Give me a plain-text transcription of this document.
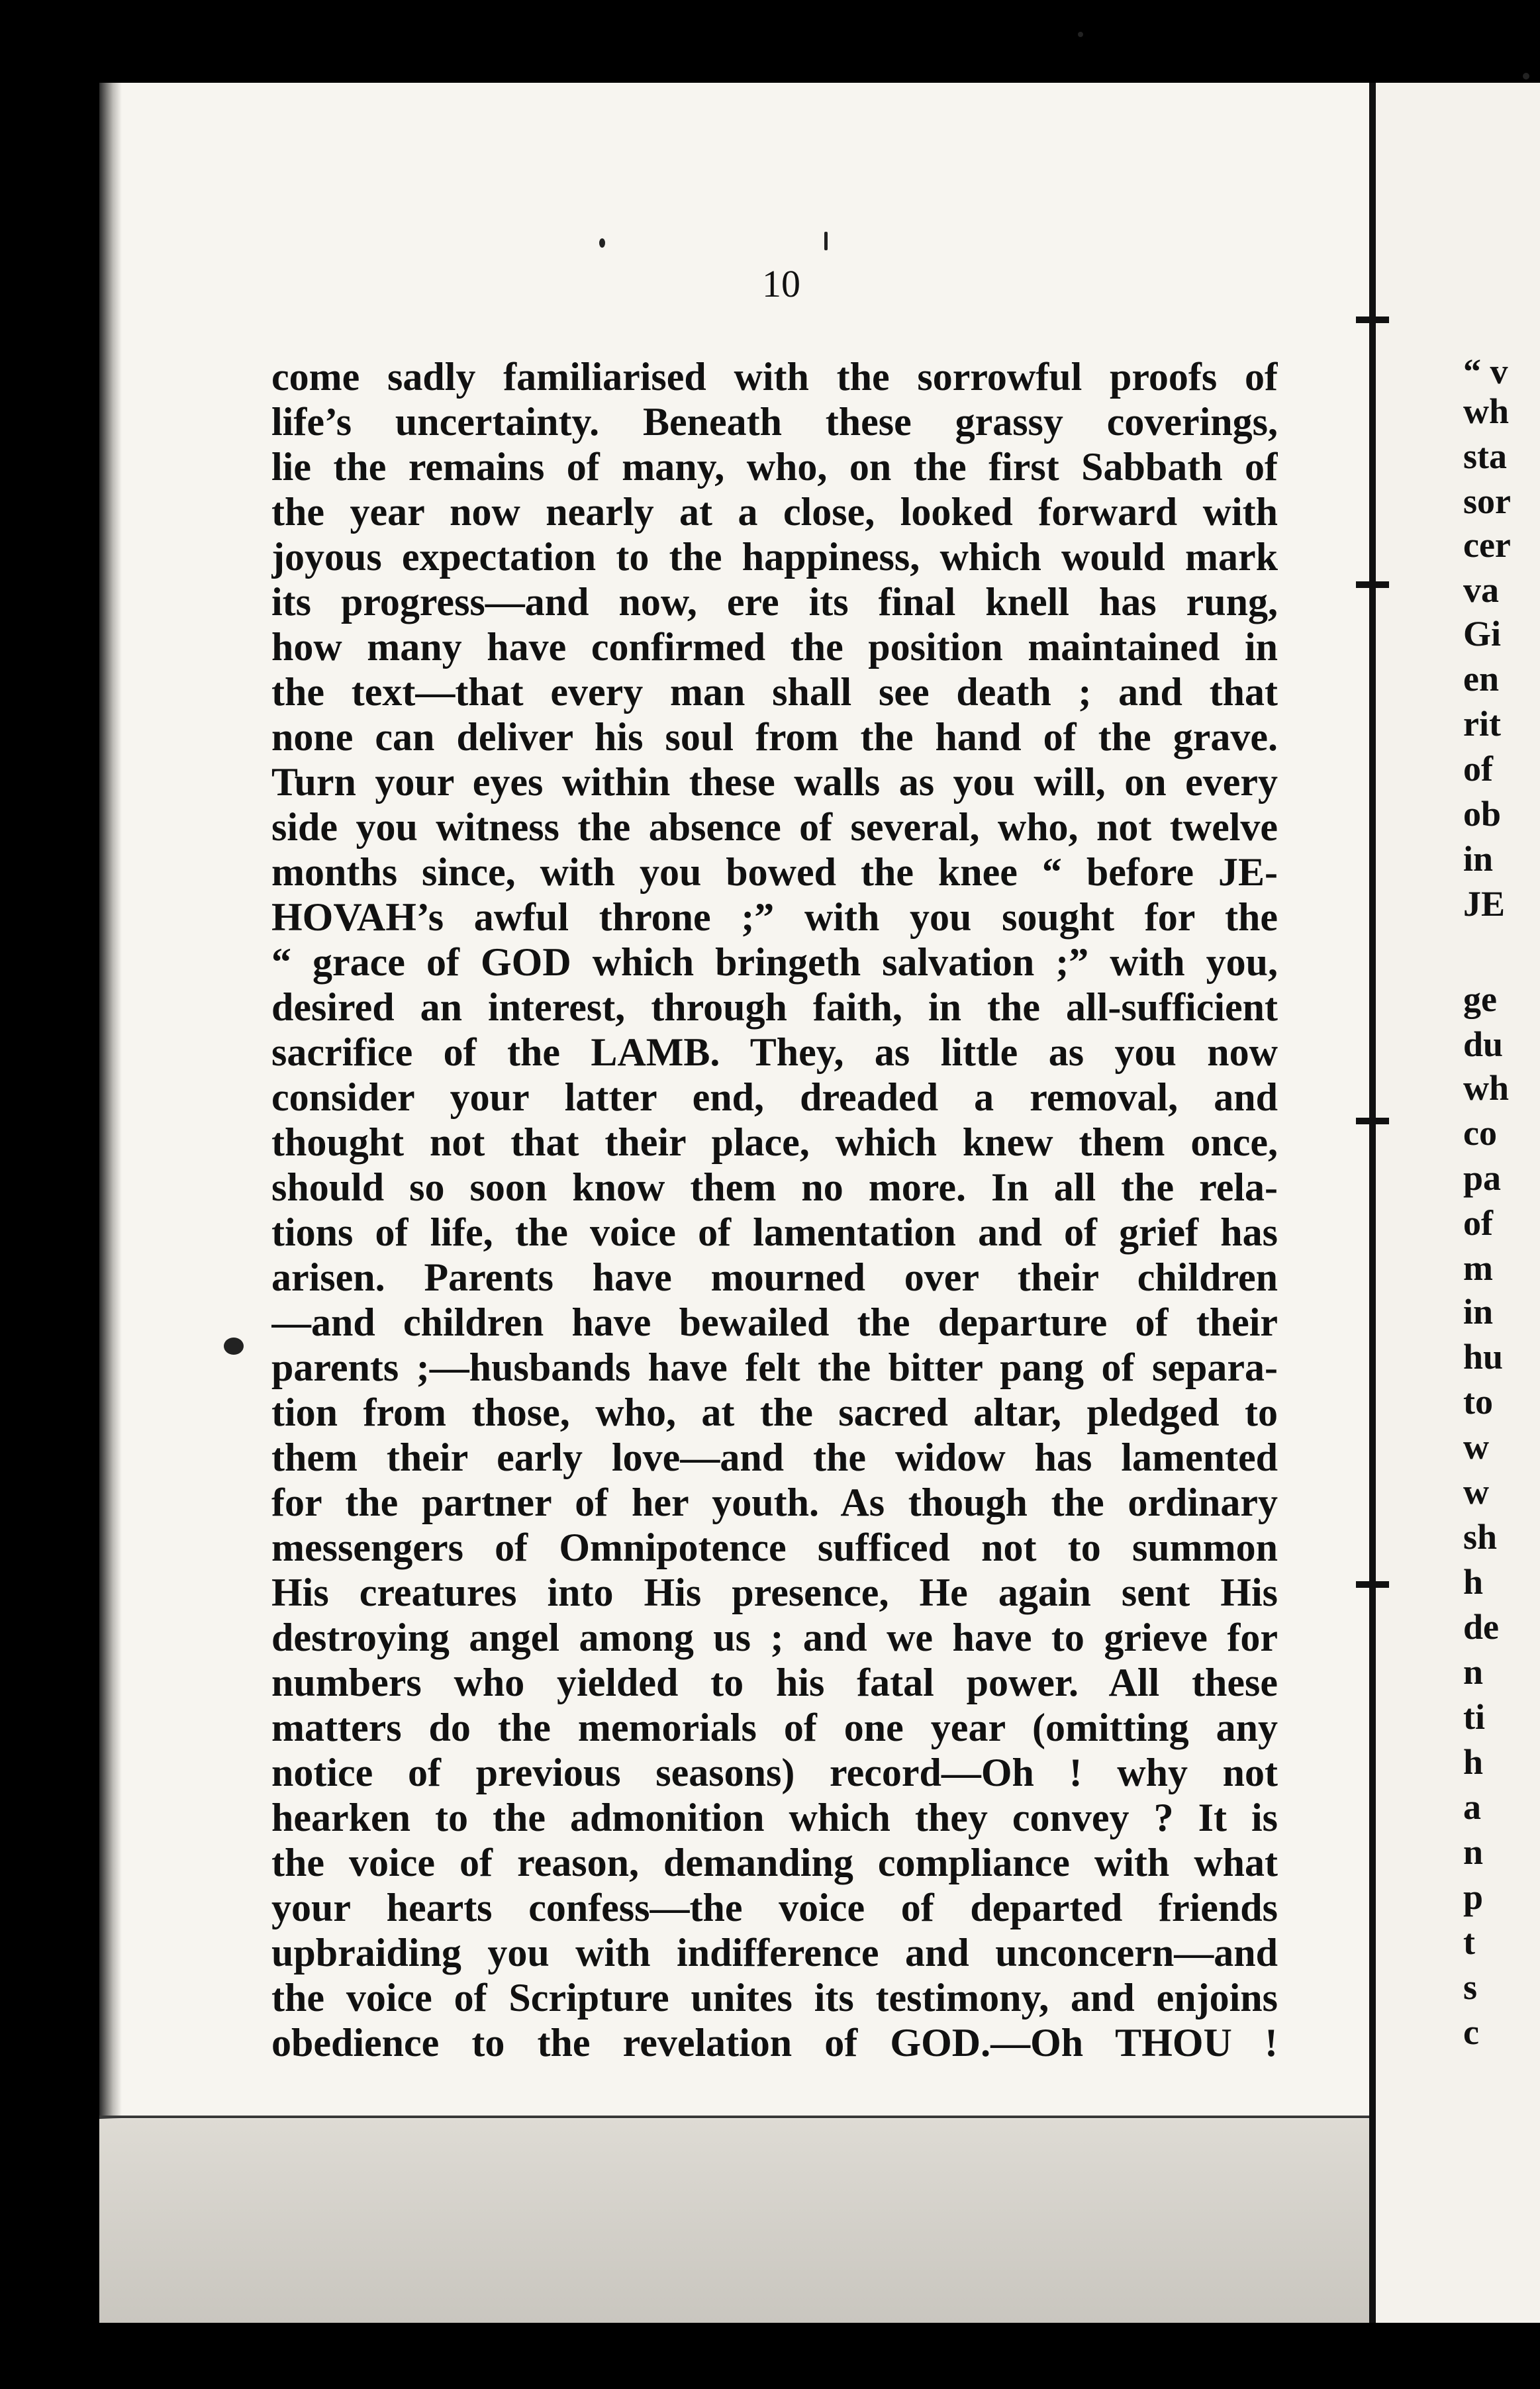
10
come sadly familiarised with the sorrowful proofs of
life’s uncertainty. Beneath these grassy coverings,
lie the remains of many, who, on the first Sabbath of
the year now nearly at a close, looked forward with
joyous expectation to the happiness, which would mark
its progress—and now, ere its final knell has rung,
how many have confirmed the position maintained in
the text—that every man shall see death ; and that
none can deliver his soul from the hand of the grave.
Turn your eyes within these walls as you will, on every
side you witness the absence of several, who, not twelve
months since, with you bowed the knee “ before JE-
HOVAH’s awful throne ;” with you sought for the
“ grace of GOD which bringeth salvation ;” with you,
desired an interest, through faith, in the all-sufficient
sacrifice of the LAMB. They, as little as you now
consider your latter end, dreaded a removal, and
thought not that their place, which knew them once,
should so soon know them no more. In all the rela-
tions of life, the voice of lamentation and of grief has
arisen. Parents have mourned over their children
—and children have bewailed the departure of their
parents ;—husbands have felt the bitter pang of separa-
tion from those, who, at the sacred altar, pledged to
them their early love—and the widow has lamented
for the partner of her youth. As though the ordinary
messengers of Omnipotence sufficed not to summon
His creatures into His presence, He again sent His
destroying angel among us ; and we have to grieve for
numbers who yielded to his fatal power. All these
matters do the memorials of one year (omitting any
notice of previous seasons) record—Oh ! why not
hearken to the admonition which they convey ? It is
the voice of reason, demanding compliance with what
your hearts confess—the voice of departed friends
upbraiding you with indifference and unconcern—and
the voice of Scripture unites its testimony, and enjoins
obedience to the revelation of GOD.—Oh THOU !
“ v
wh
sta
sor
cer
va
Gi
en
rit
of
ob
in
JE
ge
du
wh
co
pa
of
m
in
hu
to
w
w
sh
h
de
n
ti
h
a
n
p
t
s
c
